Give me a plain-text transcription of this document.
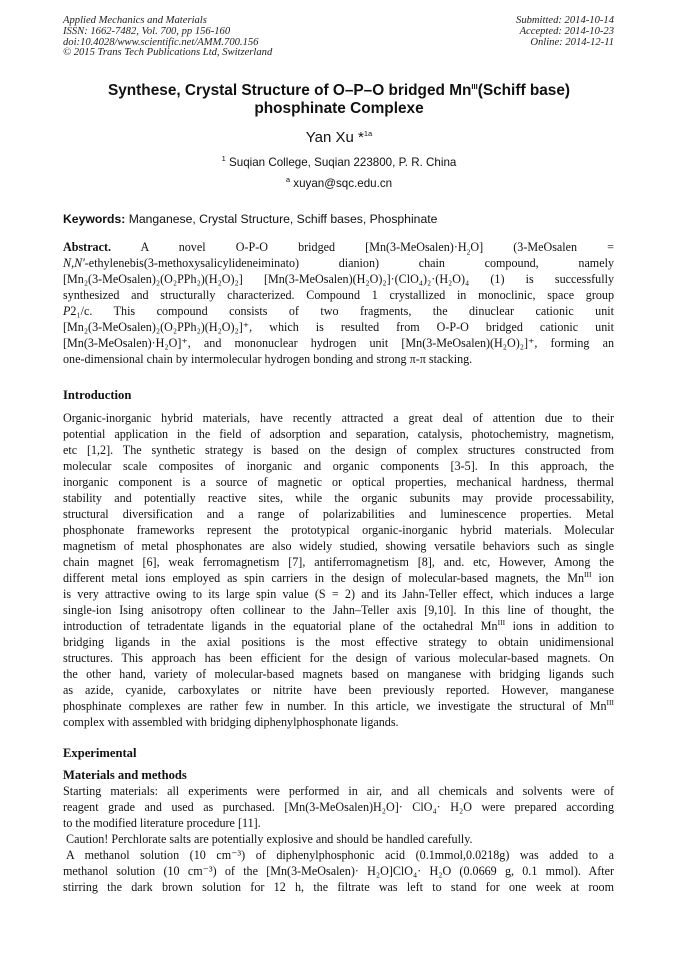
Applied Mechanics and Materials
ISSN: 1662-7482, Vol. 700, pp 156-160
doi:10.4028/www.scientific.net/AMM.700.156
© 2015 Trans Tech Publications Ltd, Switzerland
Submitted: 2014-10-14
Accepted: 2014-10-23
Online: 2014-12-11
Synthese, Crystal Structure of O–P–O bridged $Mn^{III}(Schiff$ base)
phosphinate Complexe
Yan Xu *$^{1a}$
$^1$ Suqian College, Suqian 223800, P. R. China
$^a$ xuyan@sqc.edu.cn
Keywords: Manganese, Crystal Structure, Schiff bases, Phosphinate
Abstract. A novel O-P-O bridged $[Mn(3-MeOsalen)\cdot H_2O]$ (3-MeOsalen =
N,N'-ethylenebis(3-methoxysalicylideneiminato) dianion) chain compound, namely
[Mn₂(3-MeOsalen)₂(O₂PPh₂)(H₂O)₂] [Mn(3-MeOsalen)(H₂O)₂]·(ClO₄)₂·(H₂O)₄ (1) is successfully
synthesized and structurally characterized. Compound 1 crystallized in monoclinic, space group
P2₁/c. This compound consists of two fragments, the dinuclear cationic unit
[Mn₂(3-MeOsalen)₂(O₂PPh₂)(H₂O)₂]⁺, which is resulted from O-P-O bridged cationic unit
[Mn(3-MeOsalen)·H₂O]⁺, and mononuclear hydrogen unit [Mn(3-MeOsalen)(H₂O)₂]⁺, forming an
one-dimensional chain by intermolecular hydrogen bonding and strong π-π stacking.
Introduction
Organic-inorganic hybrid materials, have recently attracted a great deal of attention due to their
potential application in the field of adsorption and separation, catalysis, photochemistry, magnetism,
etc [1,2]. The synthetic strategy is based on the design of complex structures constructed from
molecular scale composites of inorganic and organic components [3-5]. In this approach, the
inorganic component is a source of magnetic or optical properties, mechanical hardness, thermal
stability and potentially reactive sites, while the organic subunits may provide processability,
structural diversification and a range of polarizabilities and luminescence properties. Metal
phosphonate frameworks represent the prototypical organic-inorganic hybrid materials. Molecular
magnetism of metal phosphonates are also widely studied, showing versatile behaviors such as single
chain magnet [6], weak ferromagnetism [7], antiferromagnetism [8], and. etc, However, Among the
different metal ions employed as spin carriers in the design of molecular-based magnets, the $Mn^{III}$ ion
is very attractive owing to its large spin value (S = 2) and its Jahn-Teller effect, which induces a large
single-ion Ising anisotropy often collinear to the Jahn–Teller axis [9,10]. In this line of thought, the
introduction of tetradentate ligands in the equatorial plane of the octahedral $Mn^{III}$ ions in addition to
bridging ligands in the axial positions is the most effective strategy to obtain unidimensional
structures. This approach has been efficient for the design of various molecular-based magnets. On
the other hand, variety of molecular-based magnets based on manganese with bridging ligands such
as azide, cyanide, carboxylates or nitrite have been previously reported. However, manganese
phosphinate complexes are rather few in number. In this article, we investigate the structural of $Mn^{III}$
complex with assembled with bridging diphenylphosphonate ligands.
Experimental
Materials and methods
Starting materials: all experiments were performed in air, and all chemicals and solvents were of
reagent grade and used as purchased. [Mn(3-MeOsalen)H₂O]· ClO₄· H₂O were prepared according
to the modified literature procedure [11].
Caution! Perchlorate salts are potentially explosive and should be handled carefully.
A methanol solution (10 cm⁻³) of diphenylphosphonic acid (0.1mmol,0.0218g) was added to a
methanol solution (10 cm⁻³) of the [Mn(3-MeOsalen)· H₂O]ClO₄· H₂O (0.0669 g, 0.1 mmol). After
stirring the dark brown solution for 12 h, the filtrate was left to stand for one week at room
